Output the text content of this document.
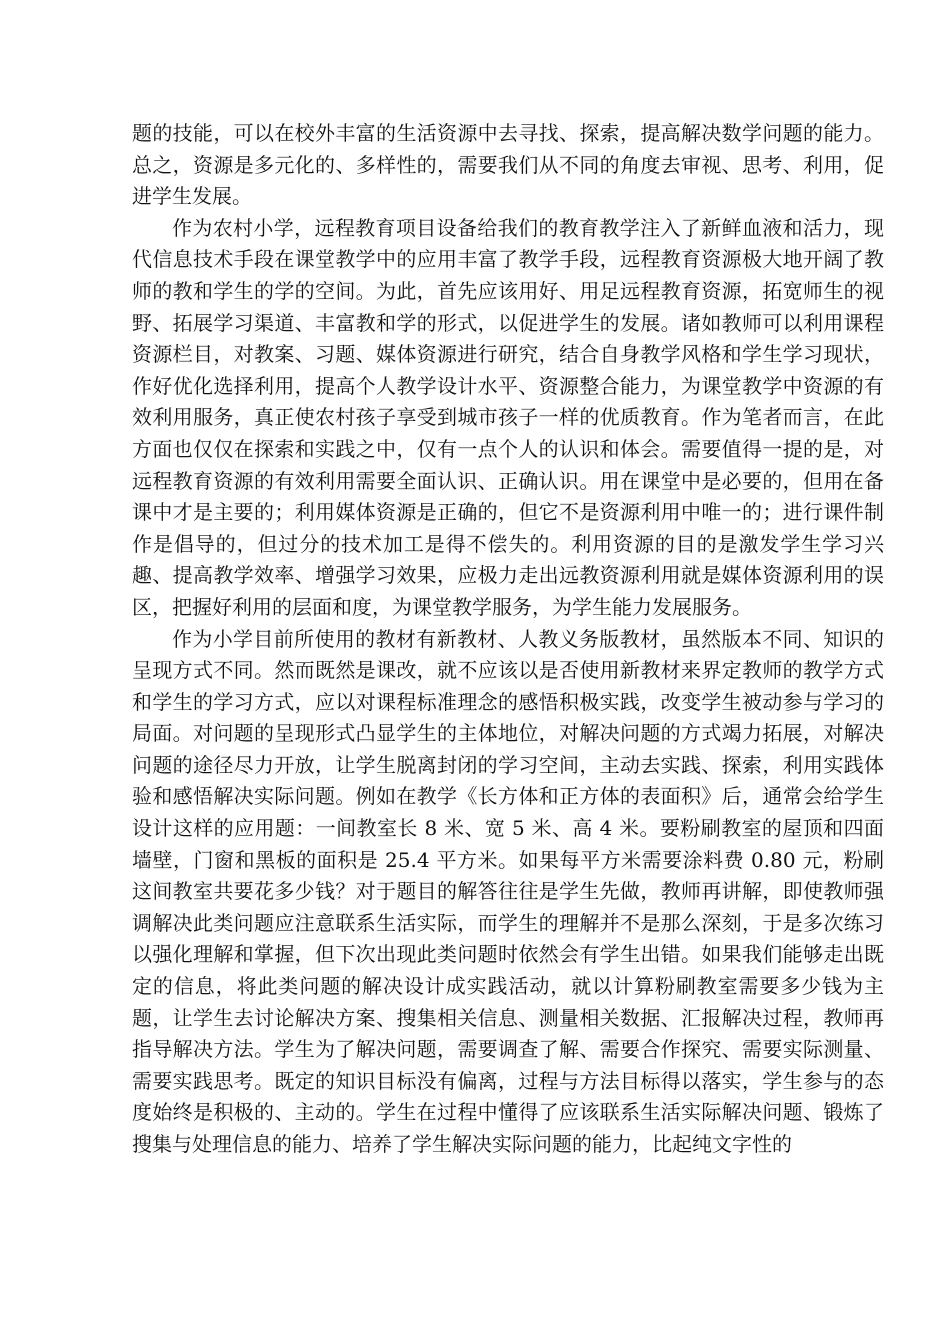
题的技能，可以在校外丰富的生活资源中去寻找、探索，提高解决数学问题的能力。总之，资源是多元化的、多样性的，需要我们从不同的角度去审视、思考、利用，促进学生发展。

作为农村小学，远程教育项目设备给我们的教育教学注入了新鲜血液和活力，现代信息技术手段在课堂教学中的应用丰富了教学手段，远程教育资源极大地开阔了教师的教和学生的学的空间。为此，首先应该用好、用足远程教育资源，拓宽师生的视野、拓展学习渠道、丰富教和学的形式，以促进学生的发展。诸如教师可以利用课程资源栏目，对教案、习题、媒体资源进行研究，结合自身教学风格和学生学习现状，作好优化选择利用，提高个人教学设计水平、资源整合能力，为课堂教学中资源的有效利用服务，真正使农村孩子享受到城市孩子一样的优质教育。作为笔者而言，在此方面也仅仅在探索和实践之中，仅有一点个人的认识和体会。需要值得一提的是，对远程教育资源的有效利用需要全面认识、正确认识。用在课堂中是必要的，但用在备课中才是主要的；利用媒体资源是正确的，但它不是资源利用中唯一的；进行课件制作是倡导的，但过分的技术加工是得不偿失的。利用资源的目的是激发学生学习兴趣、提高教学效率、增强学习效果，应极力走出远教资源利用就是媒体资源利用的误区，把握好利用的层面和度，为课堂教学服务，为学生能力发展服务。

作为小学目前所使用的教材有新教材、人教义务版教材，虽然版本不同、知识的呈现方式不同。然而既然是课改，就不应该以是否使用新教材来界定教师的教学方式和学生的学习方式，应以对课程标准理念的感悟积极实践，改变学生被动参与学习的局面。对问题的呈现形式凸显学生的主体地位，对解决问题的方式竭力拓展，对解决问题的途径尽力开放，让学生脱离封闭的学习空间，主动去实践、探索，利用实践体验和感悟解决实际问题。例如在教学《长方体和正方体的表面积》后，通常会给学生设计这样的应用题：一间教室长 8 米、宽 5 米、高 4 米。要粉刷教室的屋顶和四面墙壁，门窗和黑板的面积是 25.4 平方米。如果每平方米需要涂料费 0.80 元，粉刷这间教室共要花多少钱？对于题目的解答往往是学生先做，教师再讲解，即使教师强调解决此类问题应注意联系生活实际，而学生的理解并不是那么深刻，于是多次练习以强化理解和掌握，但下次出现此类问题时依然会有学生出错。如果我们能够走出既定的信息，将此类问题的解决设计成实践活动，就以计算粉刷教室需要多少钱为主题，让学生去讨论解决方案、搜集相关信息、测量相关数据、汇报解决过程，教师再指导解决方法。学生为了解决问题，需要调查了解、需要合作探究、需要实际测量、需要实践思考。既定的知识目标没有偏离，过程与方法目标得以落实，学生参与的态度始终是积极的、主动的。学生在过程中懂得了应该联系生活实际解决问题、锻炼了搜集与处理信息的能力、培养了学生解决实际问题的能力，比起纯文字性的
